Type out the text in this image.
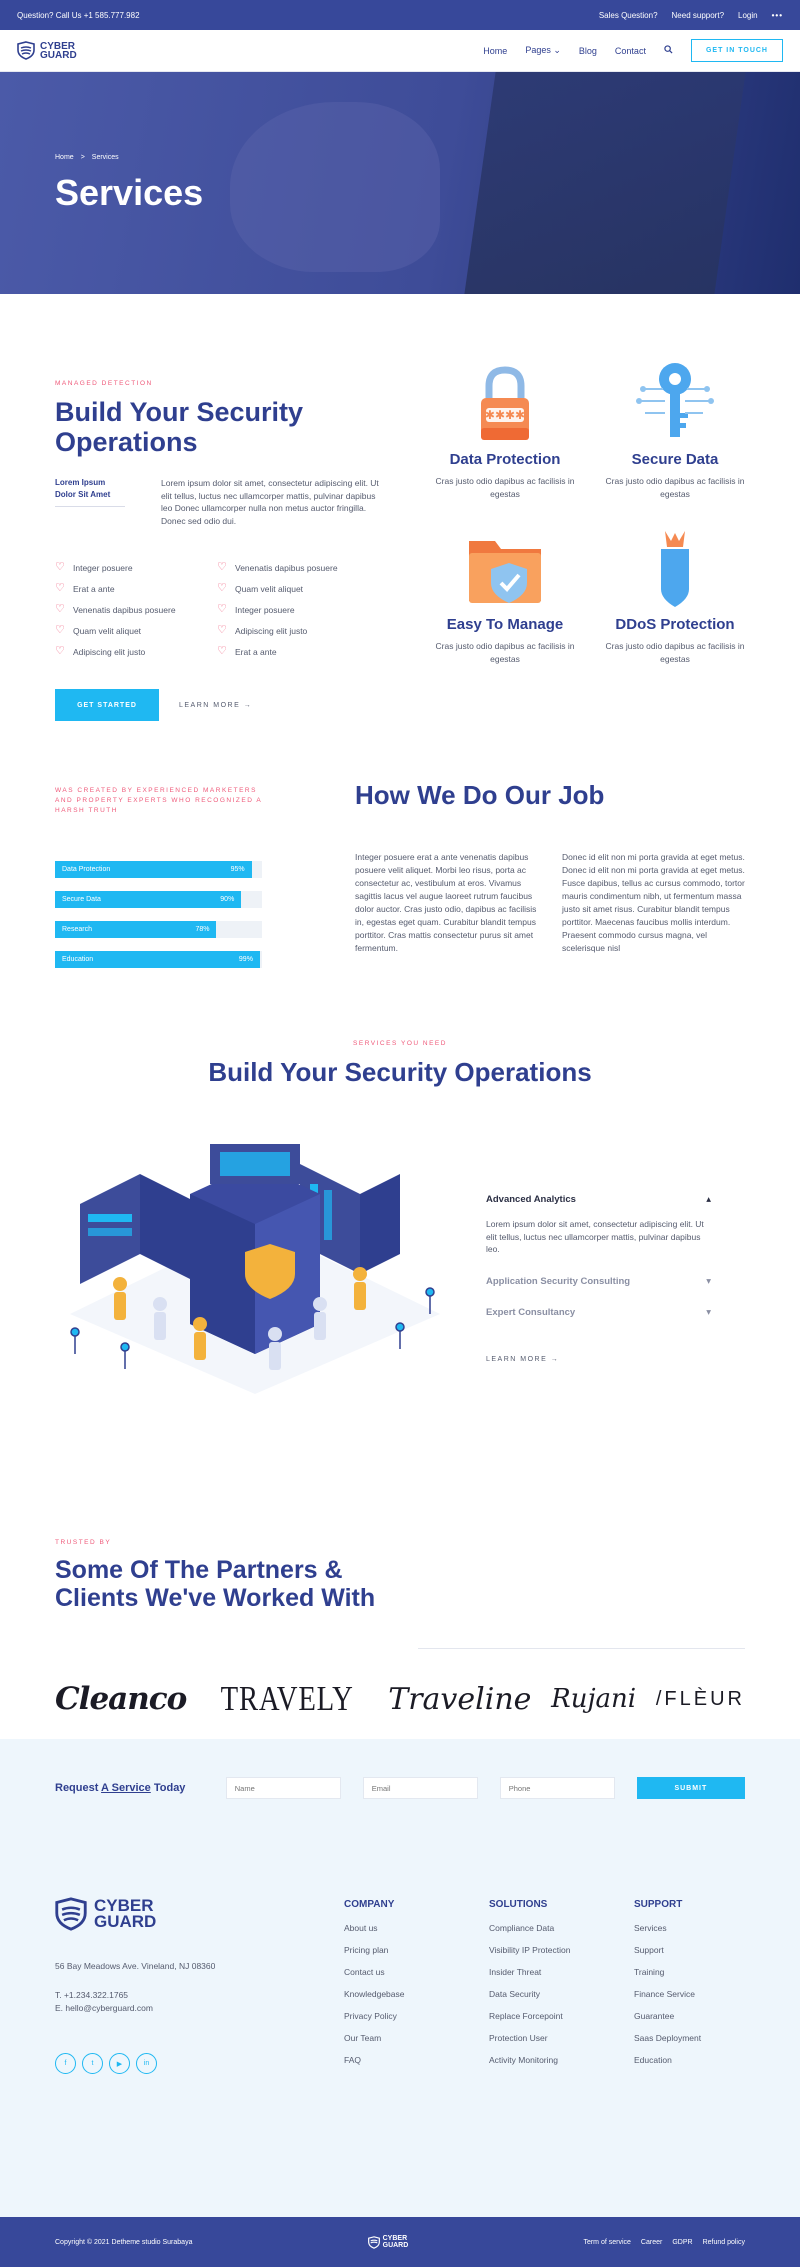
Question? Call Us +1 585.777.982	Sales Question? Need support? Login •••
CYBER
GUARD	Home Pages ⌄ Blog Contact	GET IN TOUCH
Home > Services
Services
MANAGED DETECTION
Build Your Security Operations
Lorem Ipsum Dolor Sit Amet

Lorem ipsum dolor sit amet, consectetur adipiscing elit. Ut elit tellus, luctus nec ullamcorper mattis, pulvinar dapibus leo Donec ullamcorper nulla non metus auctor fringilla. Donec sed odio dui.

♡ Integer posuere
♡ Erat a ante
♡ Venenatis dapibus posuere
♡ Quam velit aliquet
♡ Adipiscing elit justo
♡ Venenatis dapibus posuere
♡ Quam velit aliquet
♡ Integer posuere
♡ Adipiscing elit justo
♡ Erat a ante
GET STARTED	LEARN MORE →
✱✱✱✱
Data Protection

Cras justo odio dapibus ac facilisis in egestas

Secure Data

Cras justo odio dapibus ac facilisis in egestas

Easy To Manage

Cras justo odio dapibus ac facilisis in egestas

DDoS
DDoS Protection

Cras justo odio dapibus ac facilisis in egestas

WAS CREATED BY EXPERIENCED MARKETERS AND PROPERTY EXPERTS WHO RECOGNIZED A HARSH TRUTH
Data Protection	95%
Secure Data	90%
Research	78%
Education	99%
How We Do Our Job

Integer posuere erat a ante venenatis dapibus posuere velit aliquet. Morbi leo risus, porta ac consectetur ac, vestibulum at eros. Vivamus sagittis lacus vel augue laoreet rutrum faucibus dolor auctor. Cras justo odio, dapibus ac facilisis in, egestas eget quam. Curabitur blandit tempus porttitor. Cras mattis consectetur purus sit amet fermentum.

Donec id elit non mi porta gravida at eget metus. Donec id elit non mi porta gravida at eget metus. Fusce dapibus, tellus ac cursus commodo, tortor mauris condimentum nibh, ut fermentum massa justo sit amet risus. Curabitur blandit tempus porttitor. Maecenas faucibus mollis interdum. Praesent commodo cursus magna, vel scelerisque nisl

SERVICES YOU NEED
Build Your Security Operations
Advanced Analytics	▴

Lorem ipsum dolor sit amet, consectetur adipiscing elit. Ut elit tellus, luctus nec ullamcorper mattis, pulvinar dapibus leo.

Application Security Consulting	▾
Expert Consultancy	▾
LEARN MORE →
TRUSTED BY
Some Of The Partners & Clients We've Worked With
Cleanco TRAVELY Traveline Rujani /FLÈUR
Request A Service Today
Name
Email
Phone	SUBMIT
CYBER
GUARD
56 Bay Meadows Ave. Vineland, NJ 08360
T. +1.234.322.1765
E. hello@cyberguard.com
f	t	▶	in
COMPANY
About us
Pricing plan
Contact us
Knowledgebase
Privacy Policy
Our Team
FAQ
SOLUTIONS
Compliance Data
Visibility IP Protection
Insider Threat
Data Security
Replace Forcepoint
Protection User
Activity Monitoring
SUPPORT
Services
Support
Training
Finance Service
Guarantee
Saas Deployment
Education
Copyright © 2021 Detheme studio Surabaya	CYBER
GUARD	Term of service Career GDPR Refund policy
